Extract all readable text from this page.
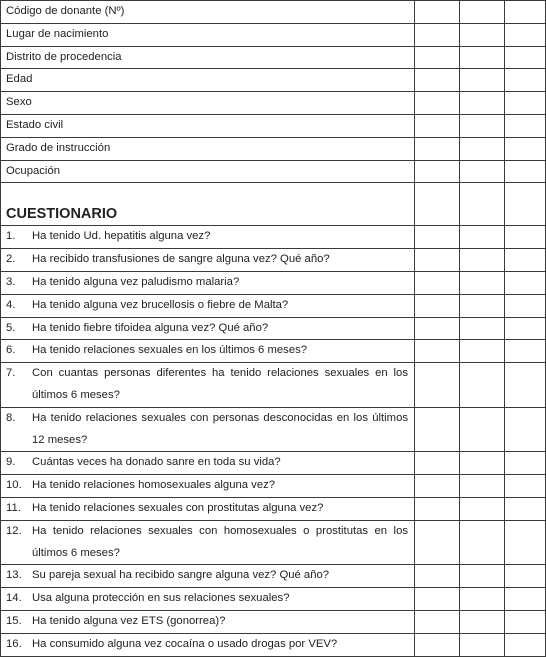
Código de donante (Nº)			
Lugar de nacimiento			
Distrito de procedencia			
Edad			
Sexo			
Estado civil			
Grado de instrucción			
Ocupación			
CUESTIONARIO			
1. Ha tenido Ud. hepatitis alguna vez?			
2. Ha recibido transfusiones de sangre alguna vez? Qué año?			
3. Ha tenido alguna vez paludismo malaria?			
4. Ha tenido alguna vez brucellosis o fiebre de Malta?			
5. Ha tenido fiebre tifoidea alguna vez? Qué año?			
6. Ha tenido relaciones sexuales en los últimos 6 meses?			

7. Con cuantas personas diferentes ha tenido relaciones sexuales en los
últimos 6 meses?			

8. Ha tenido relaciones sexuales con personas desconocidas en los últimos
12 meses?			

9. Cuántas veces ha donado sanre en toda su vida?			
10. Ha tenido relaciones homosexuales alguna vez?			
11. Ha tenido relaciones sexuales con prostitutas alguna vez?			

12. Ha tenido relaciones sexuales con homosexuales o prostitutas en los
últimos 6 meses?			

13. Su pareja sexual ha recibido sangre alguna vez? Qué año?			
14. Usa alguna protección en sus relaciones sexuales?			
15. Ha tenido alguna vez ETS (gonorrea)?			
16. Ha consumido alguna vez cocaína o usado drogas por VEV?			
